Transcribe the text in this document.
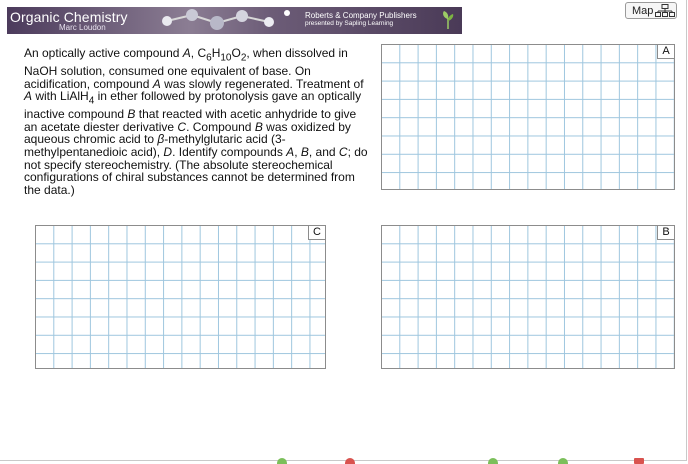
Organic Chemistry
Marc Loudon
Roberts & Company Publishers
presented by Sapling Learning
Map

An optically active compound A, $C_6H_{10}O_2$, when dissolved in NaOH solution, consumed one equivalent of base. On acidification, compound A was slowly regenerated. Treatment of A with LiAlH$_4$ in ether followed by protonolysis gave an optically inactive compound B that reacted with acetic anhydride to give an acetate diester derivative C. Compound B was oxidized by aqueous chromic acid to β-methylglutaric acid (3-methylpentanedioic acid), D. Identify compounds A, B, and C; do not specify stereochemistry. (The absolute stereochemical configurations of chiral substances cannot be determined from the data.)

A
C	B
